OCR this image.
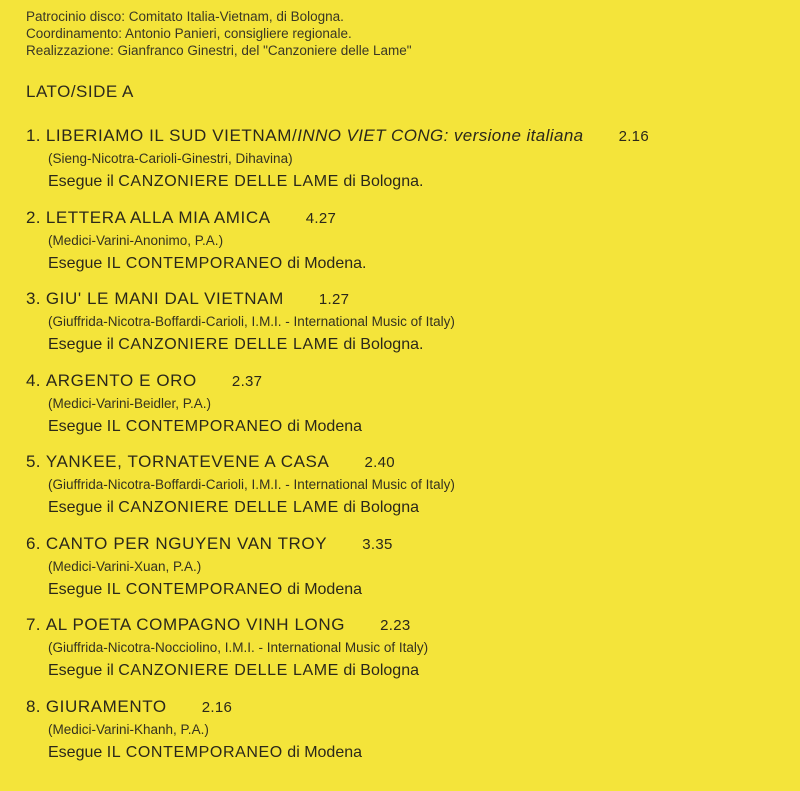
Patrocinio disco: Comitato Italia-Vietnam, di Bologna.
Coordinamento: Antonio Panieri, consigliere regionale.
Realizzazione: Gianfranco Ginestri, del "Canzoniere delle Lame"
LATO/SIDE A
1. LIBERIAMO IL SUD VIETNAM/INNO VIET CONG: versione italiana 2.16
(Sieng-Nicotra-Carioli-Ginestri, Dihavina)
Esegue il CANZONIERE DELLE LAME di Bologna.
2. LETTERA ALLA MIA AMICA 4.27
(Medici-Varini-Anonimo, P.A.)
Esegue IL CONTEMPORANEO di Modena.
3. GIU' LE MANI DAL VIETNAM 1.27
(Giuffrida-Nicotra-Boffardi-Carioli, I.M.I. - International Music of Italy)
Esegue il CANZONIERE DELLE LAME di Bologna.
4. ARGENTO E ORO 2.37
(Medici-Varini-Beidler, P.A.)
Esegue IL CONTEMPORANEO di Modena
5. YANKEE, TORNATEVENE A CASA 2.40
(Giuffrida-Nicotra-Boffardi-Carioli, I.M.I. - International Music of Italy)
Esegue il CANZONIERE DELLE LAME di Bologna
6. CANTO PER NGUYEN VAN TROY 3.35
(Medici-Varini-Xuan, P.A.)
Esegue IL CONTEMPORANEO di Modena
7. AL POETA COMPAGNO VINH LONG 2.23
(Giuffrida-Nicotra-Nocciolino, I.M.I. - International Music of Italy)
Esegue il CANZONIERE DELLE LAME di Bologna
8. GIURAMENTO 2.16
(Medici-Varini-Khanh, P.A.)
Esegue IL CONTEMPORANEO di Modena
